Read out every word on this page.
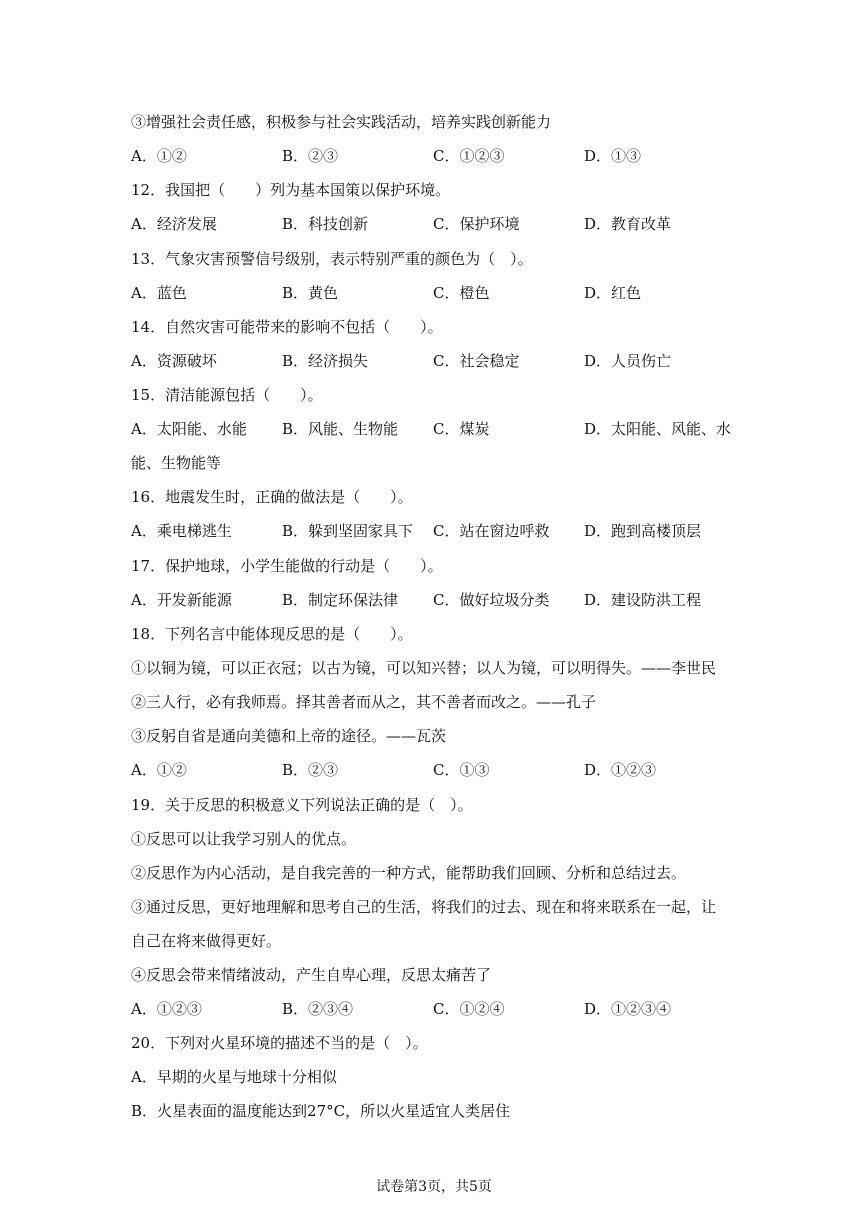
③增强社会责任感，积极参与社会实践活动，培养实践创新能力
A．①②	B．②③	C．①②③	D．①③
12．我国把（　　）列为基本国策以保护环境。
A．经济发展	B．科技创新	C．保护环境	D．教育改革
13．气象灾害预警信号级别，表示特别严重的颜色为（　）。
A．蓝色	B．黄色	C．橙色	D．红色
14．自然灾害可能带来的影响不包括（　　）。
A．资源破坏	B．经济损失	C．社会稳定	D．人员伤亡
15．清洁能源包括（　　）。
A．太阳能、水能 B．风能、生物能 C．煤炭	D．太阳能、风能、水
能、生物能等
16．地震发生时，正确的做法是（　　）。
A．乘电梯逃生	B．躲到坚固家具下 C．站在窗边呼救 D．跑到高楼顶层
17．保护地球，小学生能做的行动是（　　）。
A．开发新能源	B．制定环保法律 C．做好垃圾分类 D．建设防洪工程
18．下列名言中能体现反思的是（　　）。
①以铜为镜，可以正衣冠；以古为镜，可以知兴替；以人为镜，可以明得失。——李世民
②三人行，必有我师焉。择其善者而从之，其不善者而改之。——孔子
③反躬自省是通向美德和上帝的途径。——瓦茨
A．①②	B．②③	C．①③	D．①②③
19．关于反思的积极意义下列说法正确的是（　）。
①反思可以让我学习别人的优点。
②反思作为内心活动，是自我完善的一种方式，能帮助我们回顾、分析和总结过去。
③通过反思，更好地理解和思考自己的生活，将我们的过去、现在和将来联系在一起，让
自己在将来做得更好。
④反思会带来情绪波动，产生自卑心理，反思太痛苦了
A．①②③	B．②③④	C．①②④	D．①②③④
20．下列对火星环境的描述不当的是（　）。
A．早期的火星与地球十分相似
B．火星表面的温度能达到27°C，所以火星适宜人类居住
试卷第3页，共5页
